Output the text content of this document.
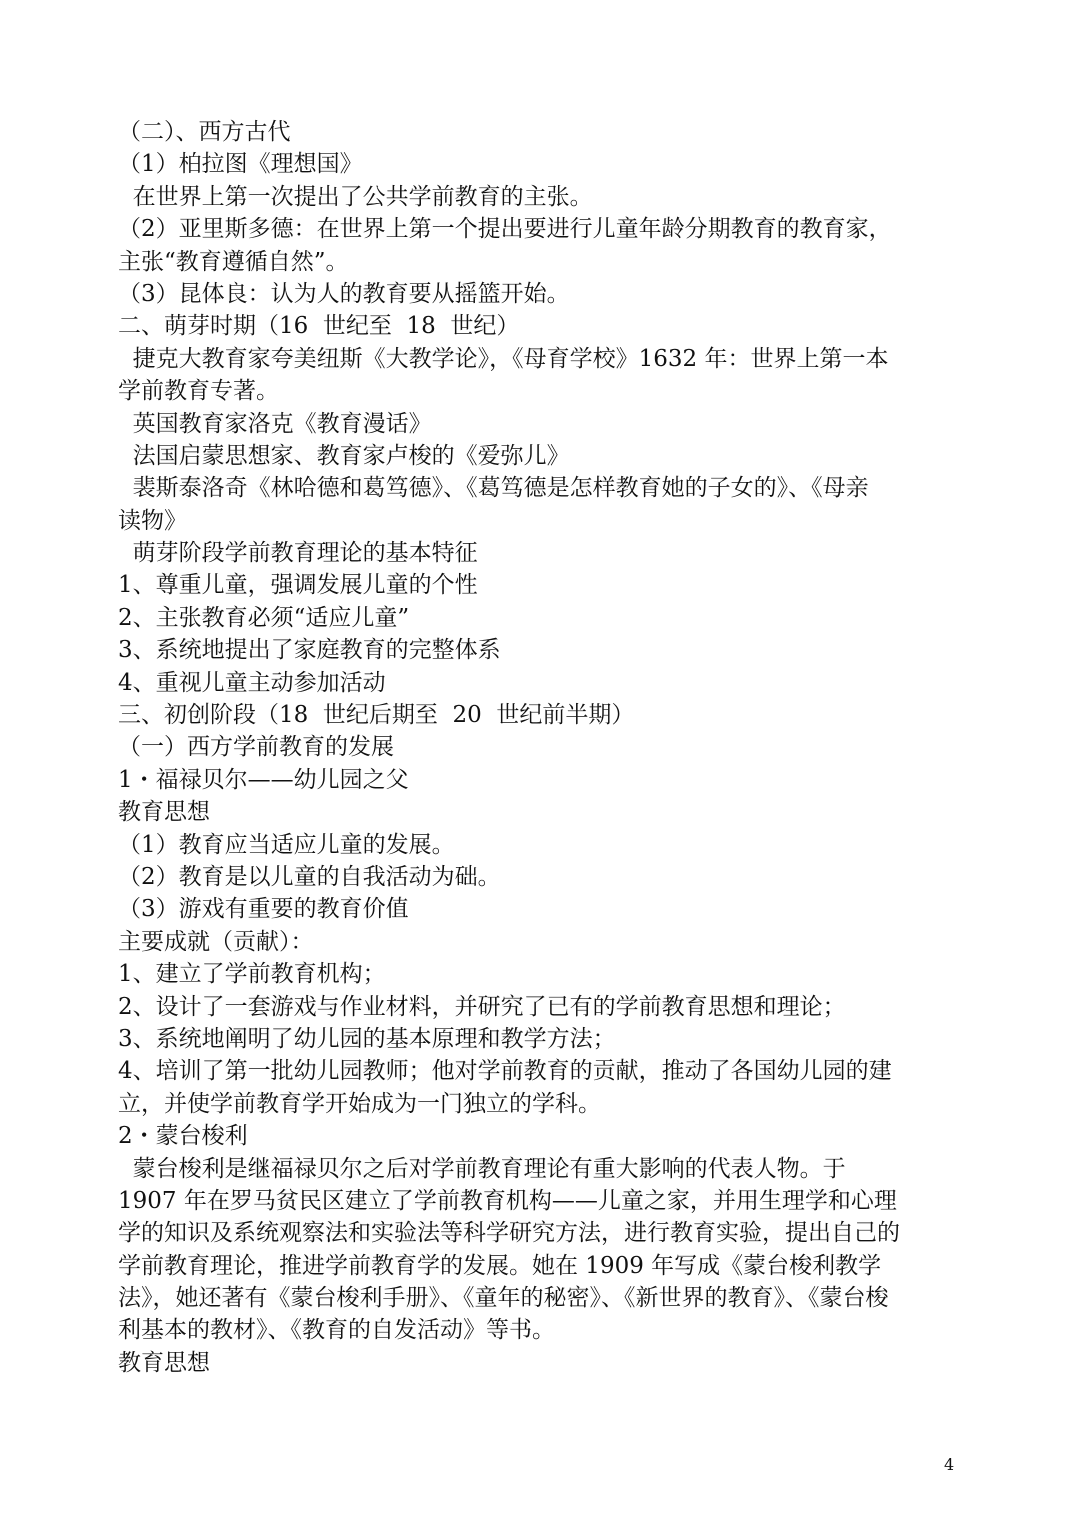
（二）、西方古代
（1）柏拉图《理想国》
在世界上第一次提出了公共学前教育的主张。
（2）亚里斯多德：在世界上第一个提出要进行儿童年龄分期教育的教育家，
主张“教育遵循自然”。
（3）昆体良：认为人的教育要从摇篮开始。
二、萌芽时期（16  世纪至  18  世纪）
捷克大教育家夸美纽斯《大教学论》，《母育学校》1632 年：世界上第一本
学前教育专著。
英国教育家洛克《教育漫话》
法国启蒙思想家、教育家卢梭的《爱弥儿》
裴斯泰洛奇《林哈德和葛笃德》、《葛笃德是怎样教育她的子女的》、《母亲
读物》
萌芽阶段学前教育理论的基本特征
1、尊重儿童，强调发展儿童的个性
2、主张教育必须“适应儿童”
3、系统地提出了家庭教育的完整体系
4、重视儿童主动参加活动
三、初创阶段（18  世纪后期至  20  世纪前半期）
（一）西方学前教育的发展
1・福禄贝尔——幼儿园之父
教育思想
（1）教育应当适应儿童的发展。
（2）教育是以儿童的自我活动为础。
（3）游戏有重要的教育价值
主要成就（贡献）：
1、建立了学前教育机构；
2、设计了一套游戏与作业材料，并研究了已有的学前教育思想和理论；
3、系统地阐明了幼儿园的基本原理和教学方法；
4、培训了第一批幼儿园教师；他对学前教育的贡献，推动了各国幼儿园的建
立，并使学前教育学开始成为一门独立的学科。
2・蒙台梭利
蒙台梭利是继福禄贝尔之后对学前教育理论有重大影响的代表人物。于
1907 年在罗马贫民区建立了学前教育机构——儿童之家，并用生理学和心理
学的知识及系统观察法和实验法等科学研究方法，进行教育实验，提出自己的
学前教育理论，推进学前教育学的发展。她在 1909 年写成《蒙台梭利教学
法》，她还著有《蒙台梭利手册》、《童年的秘密》、《新世界的教育》、《蒙台梭
利基本的教材》、《教育的自发活动》等书。
教育思想
4
